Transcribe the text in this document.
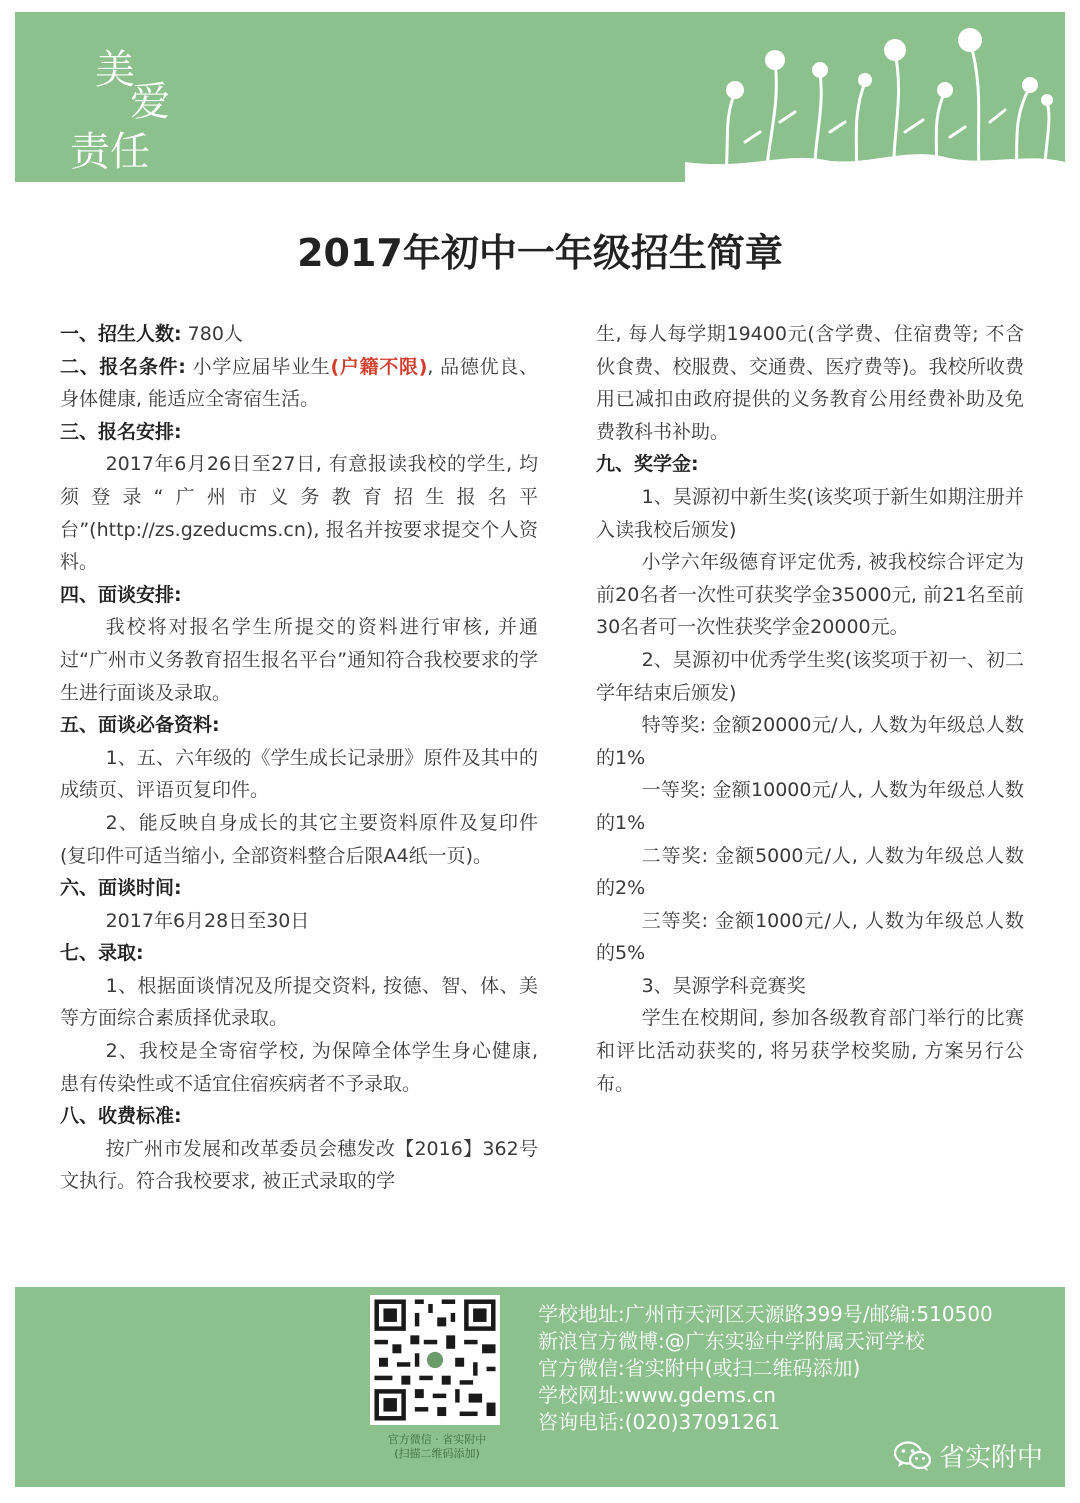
美
爱
责任
2017年初中一年级招生简章

一、招生人数: 780人

二、报名条件: 小学应届毕业生(户籍不限), 品德优良、身体健康, 能适应全寄宿生活。

三、报名安排:

2017年6月26日至27日, 有意报读我校的学生, 均须登录“广州市义务教育招生报名平台”(http://zs.gzeducms.cn), 报名并按要求提交个人资料。

四、面谈安排:

我校将对报名学生所提交的资料进行审核, 并通过“广州市义务教育招生报名平台”通知符合我校要求的学生进行面谈及录取。

五、面谈必备资料:

1、五、六年级的《学生成长记录册》原件及其中的成绩页、评语页复印件。

2、能反映自身成长的其它主要资料原件及复印件(复印件可适当缩小, 全部资料整合后限A4纸一页)。

六、面谈时间:

2017年6月28日至30日

七、录取:

1、根据面谈情况及所提交资料, 按德、智、体、美等方面综合素质择优录取。

2、我校是全寄宿学校, 为保障全体学生身心健康, 患有传染性或不适宜住宿疾病者不予录取。

八、收费标准:

按广州市发展和改革委员会穗发改【2016】362号文执行。符合我校要求, 被正式录取的学

生, 每人每学期19400元(含学费、住宿费等; 不含伙食费、校服费、交通费、医疗费等)。我校所收费用已减扣由政府提供的义务教育公用经费补助及免费教科书补助。

九、奖学金:

1、昊源初中新生奖(该奖项于新生如期注册并入读我校后颁发)

小学六年级德育评定优秀, 被我校综合评定为前20名者一次性可获奖学金35000元, 前21名至前30名者可一次性获奖学金20000元。

2、昊源初中优秀学生奖(该奖项于初一、初二学年结束后颁发)

特等奖: 金额20000元/人, 人数为年级总人数的1%

一等奖: 金额10000元/人, 人数为年级总人数的1%

二等奖: 金额5000元/人, 人数为年级总人数的2%

三等奖: 金额1000元/人, 人数为年级总人数的5%

3、昊源学科竞赛奖

学生在校期间, 参加各级教育部门举行的比赛和评比活动获奖的, 将另获学校奖励, 方案另行公布。

官方微信 · 省实附中
(扫描二维码添加)
学校地址:广州市天河区天源路399号/邮编:510500
新浪官方微博:@广东实验中学附属天河学校
官方微信:省实附中(或扫二维码添加)
学校网址:www.gdems.cn
咨询电话:(020)37091261
省实附中
